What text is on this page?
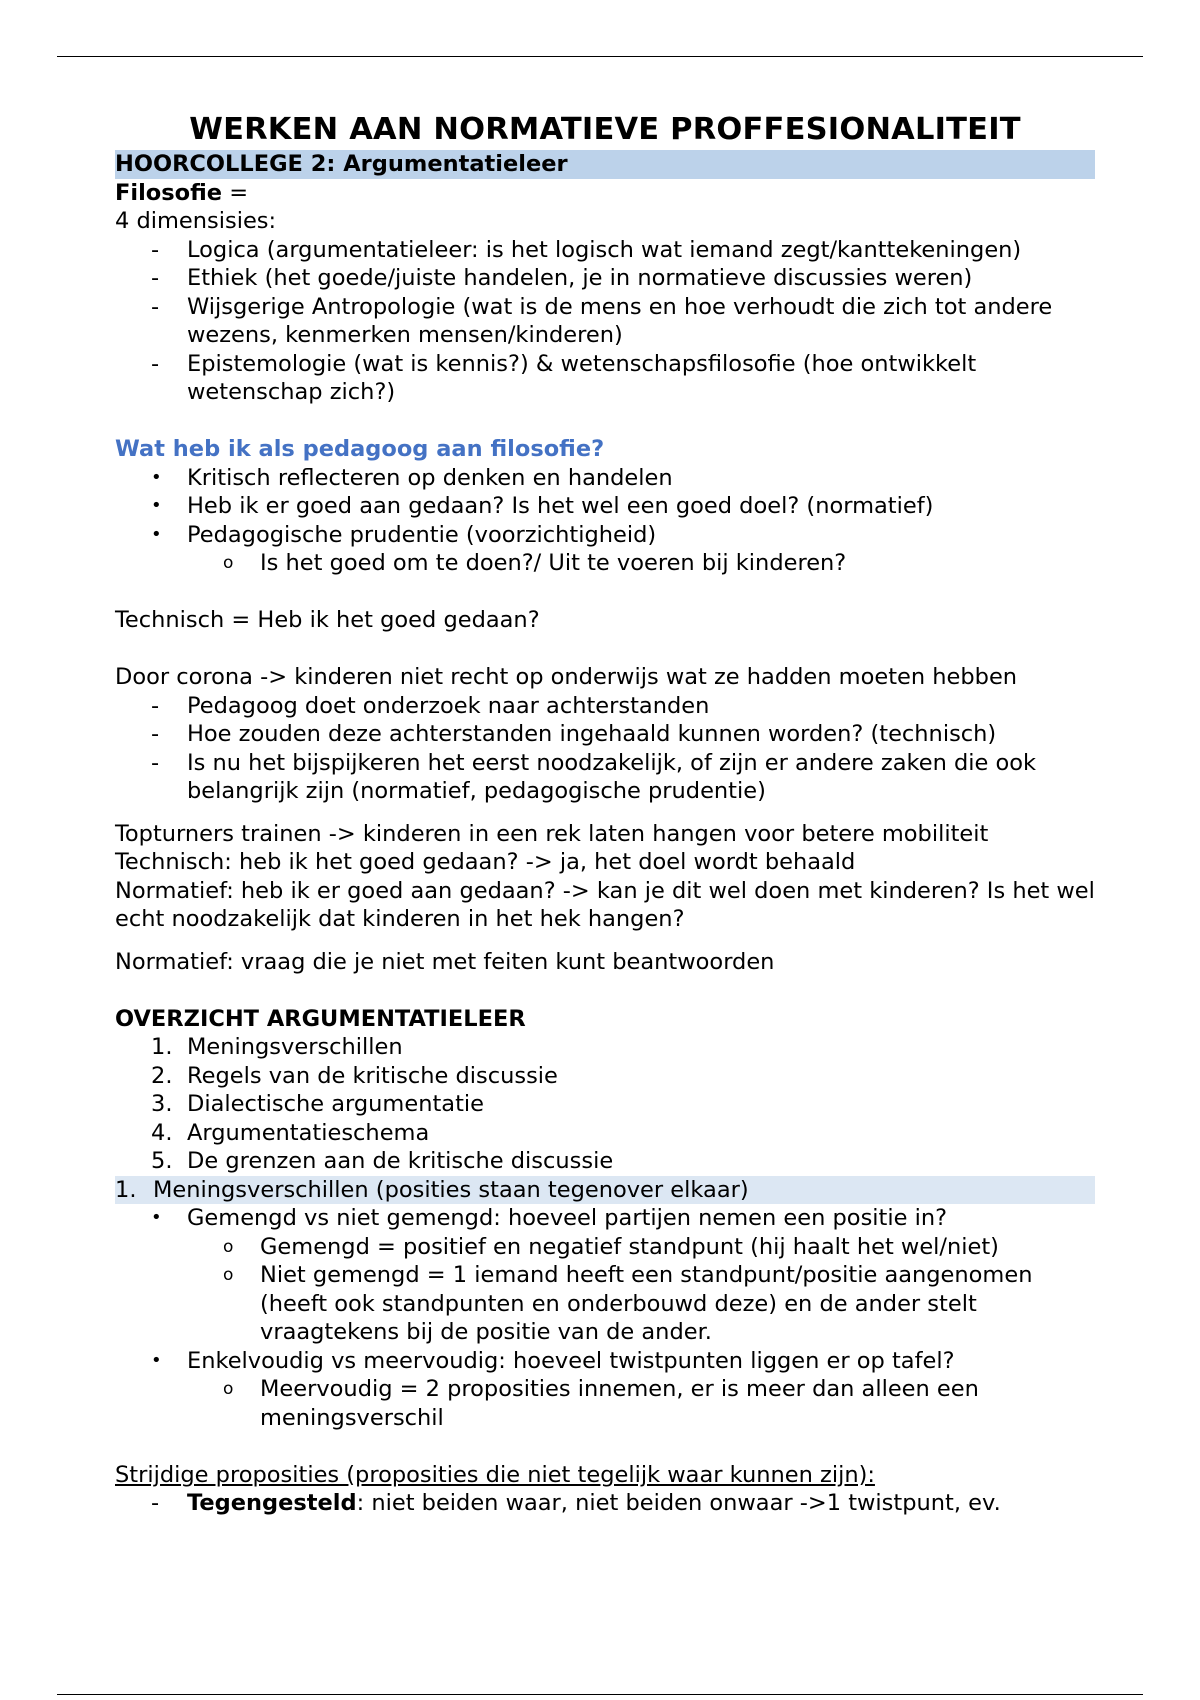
WERKEN AAN NORMATIEVE PROFFESIONALITEIT

HOORCOLLEGE 2: Argumentatieleer

Filosofie =

4 dimensisies:

- Logica (argumentatieleer: is het logisch wat iemand zegt/kanttekeningen)
- Ethiek (het goede/juiste handelen, je in normatieve discussies weren)
- Wijsgerige Antropologie (wat is de mens en hoe verhoudt die zich tot andere wezens, kenmerken mensen/kinderen)
- Epistemologie (wat is kennis?) & wetenschapsfilosofie (hoe ontwikkelt wetenschap zich?)

Wat heb ik als pedagoog aan filosofie?

• Kritisch reflecteren op denken en handelen
• Heb ik er goed aan gedaan? Is het wel een goed doel? (normatief)
• Pedagogische prudentie (voorzichtigheid)
o Is het goed om te doen?/ Uit te voeren bij kinderen?

Technisch = Heb ik het goed gedaan?

Door corona -> kinderen niet recht op onderwijs wat ze hadden moeten hebben

- Pedagoog doet onderzoek naar achterstanden
- Hoe zouden deze achterstanden ingehaald kunnen worden? (technisch)
- Is nu het bijspijkeren het eerst noodzakelijk, of zijn er andere zaken die ook belangrijk zijn (normatief, pedagogische prudentie)

Topturners trainen -> kinderen in een rek laten hangen voor betere mobiliteit

Technisch: heb ik het goed gedaan? -> ja, het doel wordt behaald

Normatief: heb ik er goed aan gedaan? -> kan je dit wel doen met kinderen? Is het wel echt noodzakelijk dat kinderen in het hek hangen?

Normatief: vraag die je niet met feiten kunt beantwoorden

OVERZICHT ARGUMENTATIELEER

1. Meningsverschillen
2. Regels van de kritische discussie
3. Dialectische argumentatie
4. Argumentatieschema
5. De grenzen aan de kritische discussie
1. Meningsverschillen (posities staan tegenover elkaar)
• Gemengd vs niet gemengd: hoeveel partijen nemen een positie in?
o Gemengd = positief en negatief standpunt (hij haalt het wel/niet)
o Niet gemengd = 1 iemand heeft een standpunt/positie aangenomen (heeft ook standpunten en onderbouwd deze) en de ander stelt vraagtekens bij de positie van de ander.
• Enkelvoudig vs meervoudig: hoeveel twistpunten liggen er op tafel?
o Meervoudig = 2 proposities innemen, er is meer dan alleen een meningsverschil

Strijdige proposities (proposities die niet tegelijk waar kunnen zijn):

- Tegengesteld: niet beiden waar, niet beiden onwaar ->1 twistpunt, ev.
